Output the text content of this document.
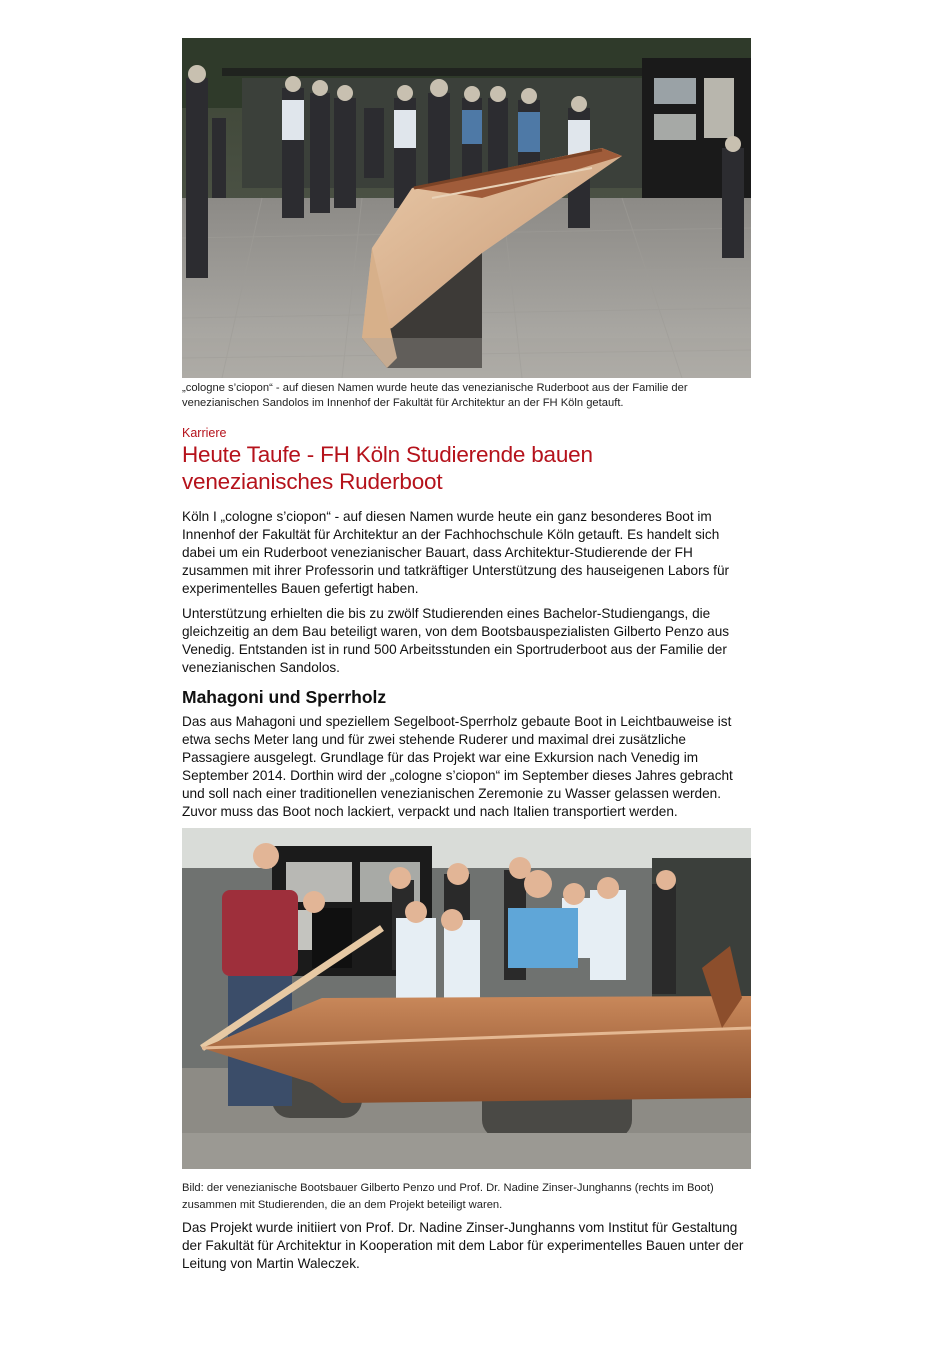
„cologne s’ciopon“ - auf diesen Namen wurde heute das venezianische Ruderboot aus der Familie der venezianischen Sandolos im Innenhof der Fakultät für Architektur an der FH Köln getauft.

Karriere

Heute Taufe - FH Köln Studierende bauen
venezianisches Ruderboot

Köln I „cologne s’ciopon“ - auf diesen Namen wurde heute ein ganz besonderes Boot im Innenhof der Fakultät für Architektur an der Fachhochschule Köln getauft. Es handelt sich dabei um ein Ruderboot venezianischer Bauart, dass Architektur-Studierende der FH zusammen mit ihrer Professorin und tatkräftiger Unterstützung des hauseigenen Labors für experimentelles Bauen gefertigt haben.

Unterstützung erhielten die bis zu zwölf Studierenden eines Bachelor-Studiengangs, die gleichzeitig an dem Bau beteiligt waren, von dem Bootsbauspezialisten Gilberto Penzo aus Venedig. Entstanden ist in rund 500 Arbeitsstunden ein Sportruderboot aus der Familie der venezianischen Sandolos.

Mahagoni und Sperrholz

Das aus Mahagoni und speziellem Segelboot-Sperrholz gebaute Boot in Leichtbauweise ist etwa sechs Meter lang und für zwei stehende Ruderer und maximal drei zusätzliche Passagiere ausgelegt. Grundlage für das Projekt war eine Exkursion nach Venedig im September 2014. Dorthin wird der „cologne s’ciopon“ im September dieses Jahres gebracht und soll nach einer traditionellen venezianischen Zeremonie zu Wasser gelassen werden. Zuvor muss das Boot noch lackiert, verpackt und nach Italien transportiert werden.

Bild: der venezianische Bootsbauer Gilberto Penzo und Prof. Dr. Nadine Zinser-Junghanns (rechts im Boot) zusammen mit Studierenden, die an dem Projekt beteiligt waren.

Das Projekt wurde initiiert von Prof. Dr. Nadine Zinser-Junghanns vom Institut für Gestaltung der Fakultät für Architektur in Kooperation mit dem Labor für experimentelles Bauen unter der Leitung von Martin Waleczek.
